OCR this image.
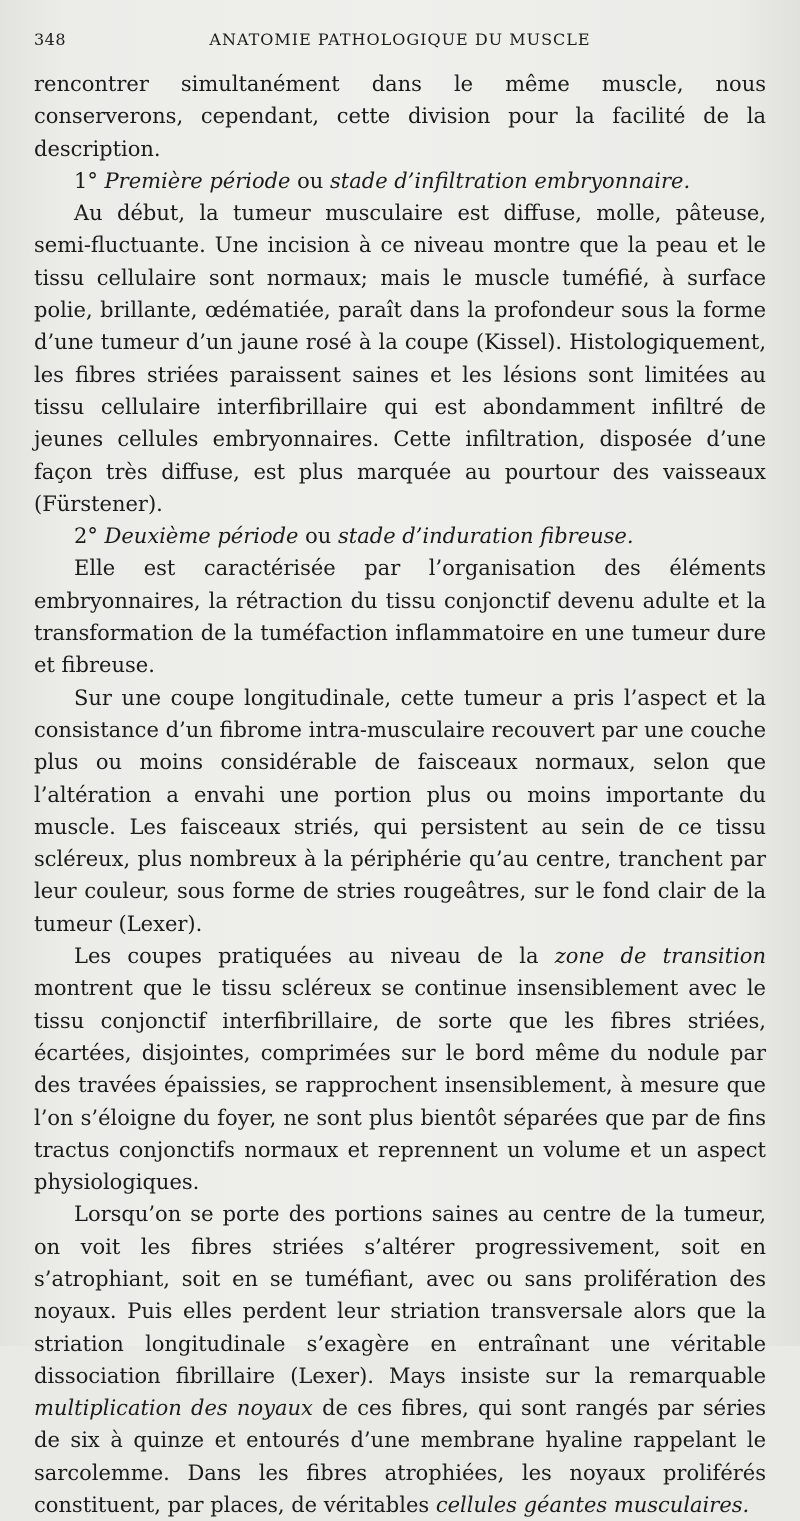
348	ANATOMIE PATHOLOGIQUE DU MUSCLE

rencontrer simultanément dans le même muscle, nous conserverons, cependant, cette division pour la facilité de la description.

1° Première période ou stade d’infiltration embryonnaire.

Au début, la tumeur musculaire est diffuse, molle, pâteuse, semi-fluctuante. Une incision à ce niveau montre que la peau et le tissu cellulaire sont normaux; mais le muscle tuméfié, à surface polie, brillante, œdématiée, paraît dans la profondeur sous la forme d’une tumeur d’un jaune rosé à la coupe (Kissel). Histologiquement, les fibres striées paraissent saines et les lésions sont limitées au tissu cellulaire interfibrillaire qui est abondamment infiltré de jeunes cellules embryonnaires. Cette infiltration, disposée d’une façon très diffuse, est plus marquée au pourtour des vaisseaux (Fürstener).

2° Deuxième période ou stade d’induration fibreuse.

Elle est caractérisée par l’organisation des éléments embryonnaires, la rétraction du tissu conjonctif devenu adulte et la transformation de la tuméfaction inflammatoire en une tumeur dure et fibreuse.

Sur une coupe longitudinale, cette tumeur a pris l’aspect et la consistance d’un fibrome intra-musculaire recouvert par une couche plus ou moins considérable de faisceaux normaux, selon que l’altération a envahi une portion plus ou moins importante du muscle. Les faisceaux striés, qui persistent au sein de ce tissu scléreux, plus nombreux à la périphérie qu’au centre, tranchent par leur couleur, sous forme de stries rougeâtres, sur le fond clair de la tumeur (Lexer).

Les coupes pratiquées au niveau de la zone de transition montrent que le tissu scléreux se continue insensiblement avec le tissu conjonctif interfibrillaire, de sorte que les fibres striées, écartées, disjointes, comprimées sur le bord même du nodule par des travées épaissies, se rapprochent insensiblement, à mesure que l’on s’éloigne du foyer, ne sont plus bientôt séparées que par de fins tractus conjonctifs normaux et reprennent un volume et un aspect physiologiques.

Lorsqu’on se porte des portions saines au centre de la tumeur, on voit les fibres striées s’altérer progressivement, soit en s’atrophiant, soit en se tuméfiant, avec ou sans prolifération des noyaux. Puis elles perdent leur striation transversale alors que la striation longitudinale s’exagère en entraînant une véritable dissociation fibrillaire (Lexer). Mays insiste sur la remarquable multiplication des noyaux de ces fibres, qui sont rangés par séries de six à quinze et entourés d’une membrane hyaline rappelant le sarcolemme. Dans les fibres atrophiées, les noyaux proliférés constituent, par places, de véritables cellules géantes musculaires.
